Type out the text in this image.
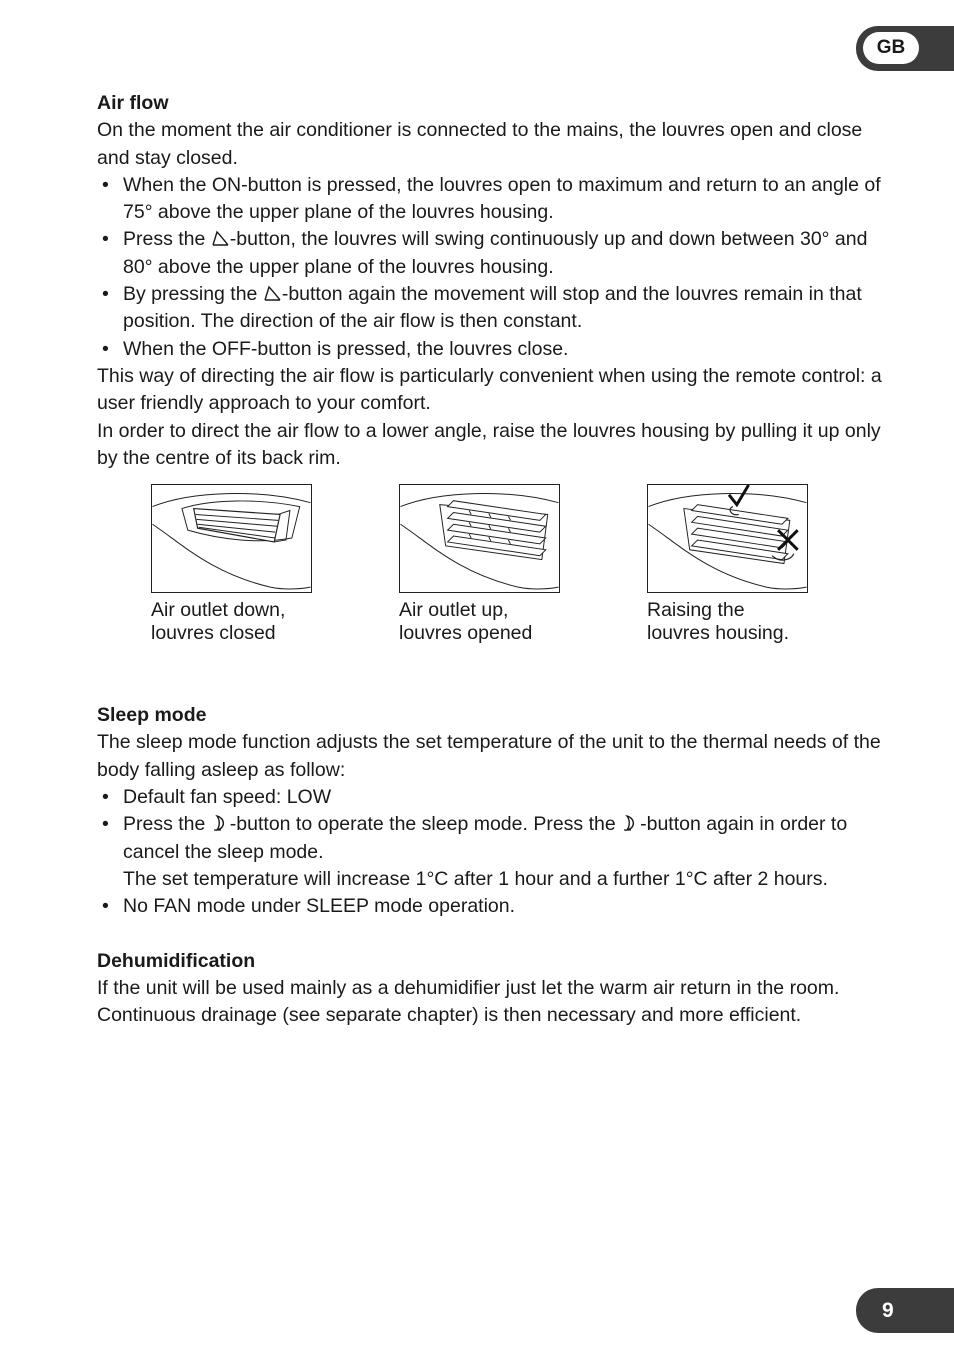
GB
Air flow

On the moment the air conditioner is connected to the mains, the louvres open and close and stay closed.

• When the ON-button is pressed, the louvres open to maximum and return to an angle of 75° above the upper plane of the louvres housing.
• Press the
-button, the louvres will swing continuously up and down between 30° and 80° above the upper plane of the louvres housing.
• By pressing the
-button again the movement will stop and the louvres remain in that position. The direction of the air flow is then constant.
• When the OFF-button is pressed, the louvres close.

This way of directing the air flow is particularly convenient when using the remote control: a user friendly approach to your comfort.

In order to direct the air flow to a lower angle, raise the louvres housing by pulling it up only by the centre of its back rim.

Air outlet down,
louvres closed
Air outlet up,
louvres opened
Raising the
louvres housing.
Sleep mode

The sleep mode function adjusts the set temperature of the unit to the thermal needs of the body falling asleep as follow:

• Default fan speed: LOW
• Press the
-button to operate the sleep mode. Press the
-button again in order to cancel the sleep mode.

The set temperature will increase 1°C after 1 hour and a further 1°C after 2 hours.

• No FAN mode under SLEEP mode operation.
Dehumidification

If the unit will be used mainly as a dehumidifier just let the warm air return in the room. Continuous drainage (see separate chapter) is then necessary and more efficient.

9
